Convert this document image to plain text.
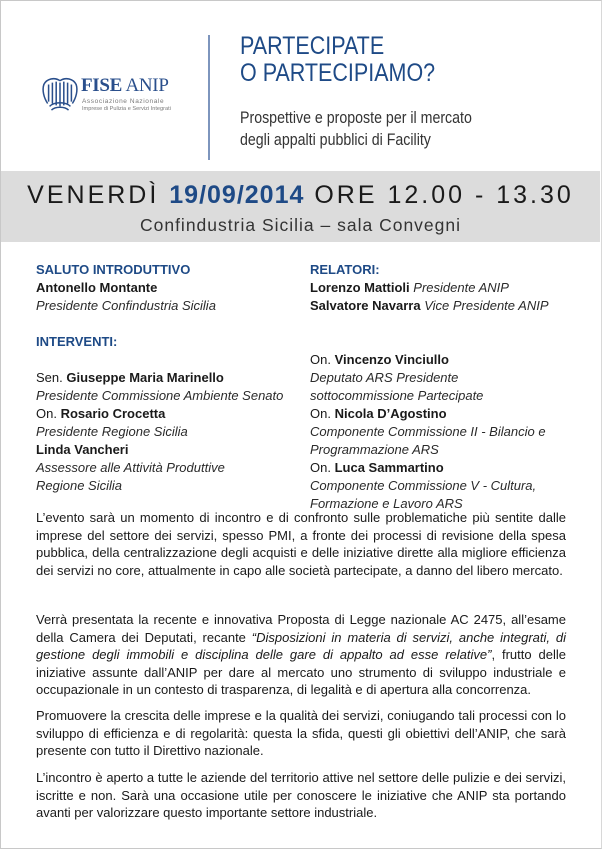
FISE ANIP
Associazione Nazionale
Imprese di Pulizia e Servizi Integrati
PARTECIPATE
O PARTECIPIAMO?
Prospettive e proposte per il mercato
degli appalti pubblici di Facility
VENERDÌ 19/09/2014 ORE 12.00 - 13.30
Confindustria Sicilia – sala Convegni
SALUTO INTRODUTTIVO
Antonello Montante
Presidente Confindustria Sicilia
INTERVENTI:
Sen. Giuseppe Maria Marinello
Presidente Commissione Ambiente Senato
On. Rosario Crocetta
Presidente Regione Sicilia
Linda Vancheri
Assessore alle Attività Produttive
Regione Sicilia
RELATORI:
Lorenzo Mattioli Presidente ANIP
Salvatore Navarra Vice Presidente ANIP
On. Vincenzo Vinciullo
Deputato ARS Presidente
sottocommissione Partecipate
On. Nicola D’Agostino
Componente Commissione II - Bilancio e
Programmazione ARS
On. Luca Sammartino
Componente Commissione V - Cultura,
Formazione e Lavoro ARS

L’evento sarà un momento di incontro e di confronto sulle problematiche più sentite dalle imprese del settore dei servizi, spesso PMI, a fronte dei processi di revisione della spesa pubblica, della centralizzazione degli acquisti e delle iniziative dirette alla migliore efficienza dei servizi no core, attualmente in capo alle società partecipate, a danno del libero mercato.

Verrà presentata la recente e innovativa Proposta di Legge nazionale AC 2475, all’esame della Camera dei Deputati, recante “Disposizioni in materia di servizi, anche integrati, di gestione degli immobili e disciplina delle gare di appalto ad esse relative”, frutto delle iniziative assunte dall’ANIP per dare al mercato uno strumento di sviluppo industriale e occupazionale in un contesto di trasparenza, di legalità e di apertura alla concorrenza.

Promuovere la crescita delle imprese e la qualità dei servizi, coniugando tali processi con lo sviluppo di efficienza e di regolarità: questa la sfida, questi gli obiettivi dell’ANIP, che sarà presente con tutto il Direttivo nazionale.

L’incontro è aperto a tutte le aziende del territorio attive nel settore delle pulizie e dei servizi, iscritte e non. Sarà una occasione utile per conoscere le iniziative che ANIP sta portando avanti per valorizzare questo importante settore industriale.
